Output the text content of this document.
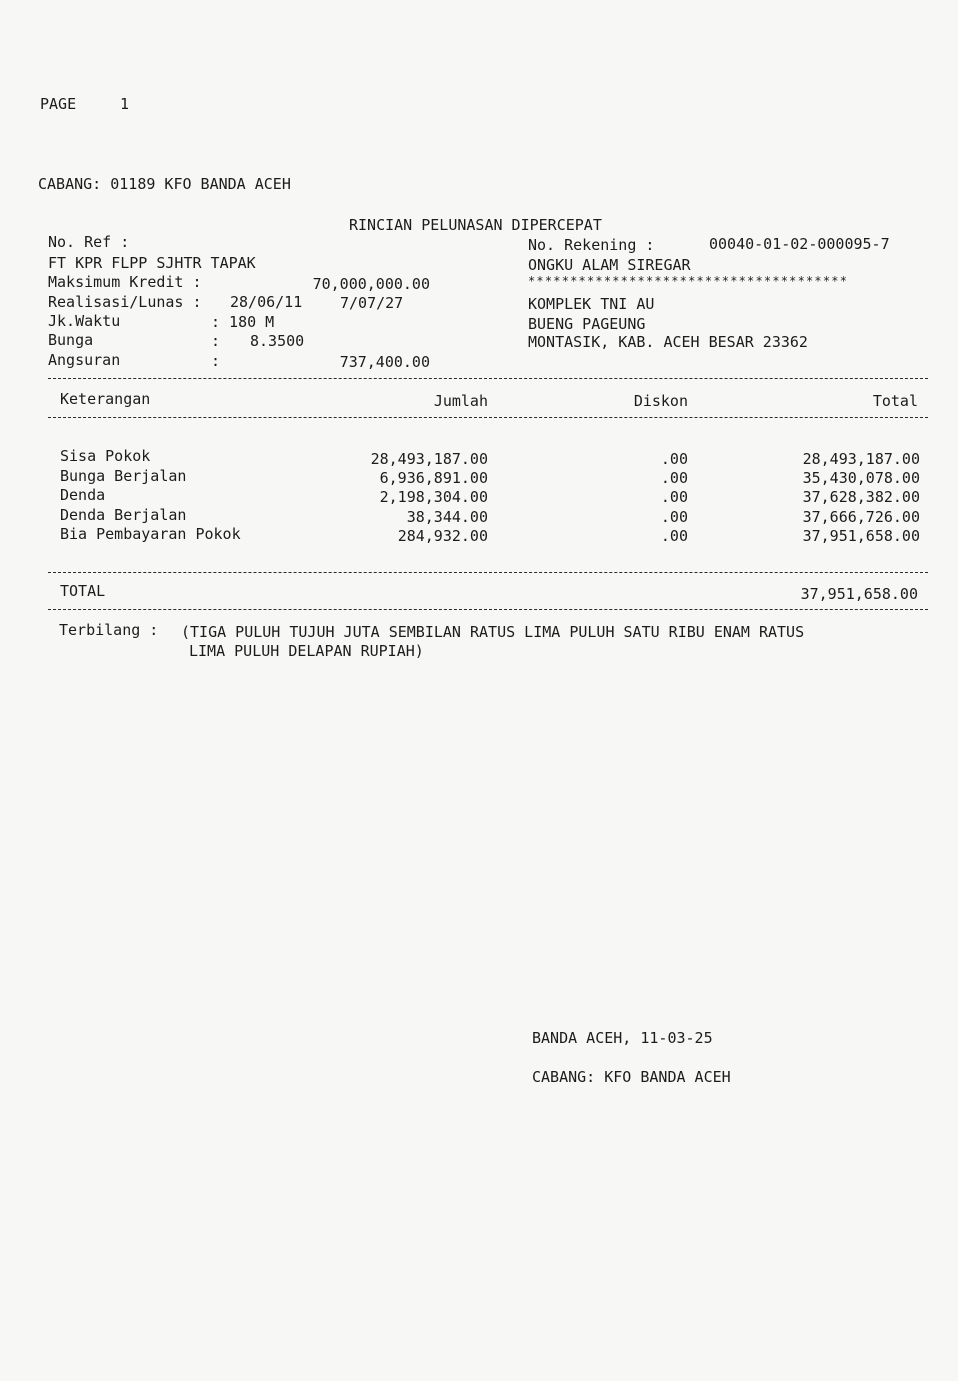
PAGE	1
CABANG: 01189 KFO BANDA ACEH
RINCIAN PELUNASAN DIPERCEPAT
No. Ref :
FT KPR FLPP SJHTR TAPAK
Maksimum Kredit :	70,000,000.00
Realisasi/Lunas : 28/06/11	7/07/27
Jk.Waktu	: 180 M
Bunga	: 8.3500
Angsuran	:	737,400.00
No. Rekening :	00040-01-02-000095-7
ONGKU ALAM SIREGAR
**************************************
KOMPLEK TNI AU
BUENG PAGEUNG
MONTASIK, KAB. ACEH BESAR 23362
Keterangan	Jumlah	Diskon	Total
Sisa Pokok	28,493,187.00	.00	28,493,187.00
Bunga Berjalan	6,936,891.00	.00	35,430,078.00
Denda	2,198,304.00	.00	37,628,382.00
Denda Berjalan	38,344.00	.00	37,666,726.00
Bia Pembayaran Pokok	284,932.00	.00	37,951,658.00
TOTAL	37,951,658.00
Terbilang : (TIGA PULUH TUJUH JUTA SEMBILAN RATUS LIMA PULUH SATU RIBU ENAM RATUS
LIMA PULUH DELAPAN RUPIAH)
BANDA ACEH, 11-03-25
CABANG: KFO BANDA ACEH
